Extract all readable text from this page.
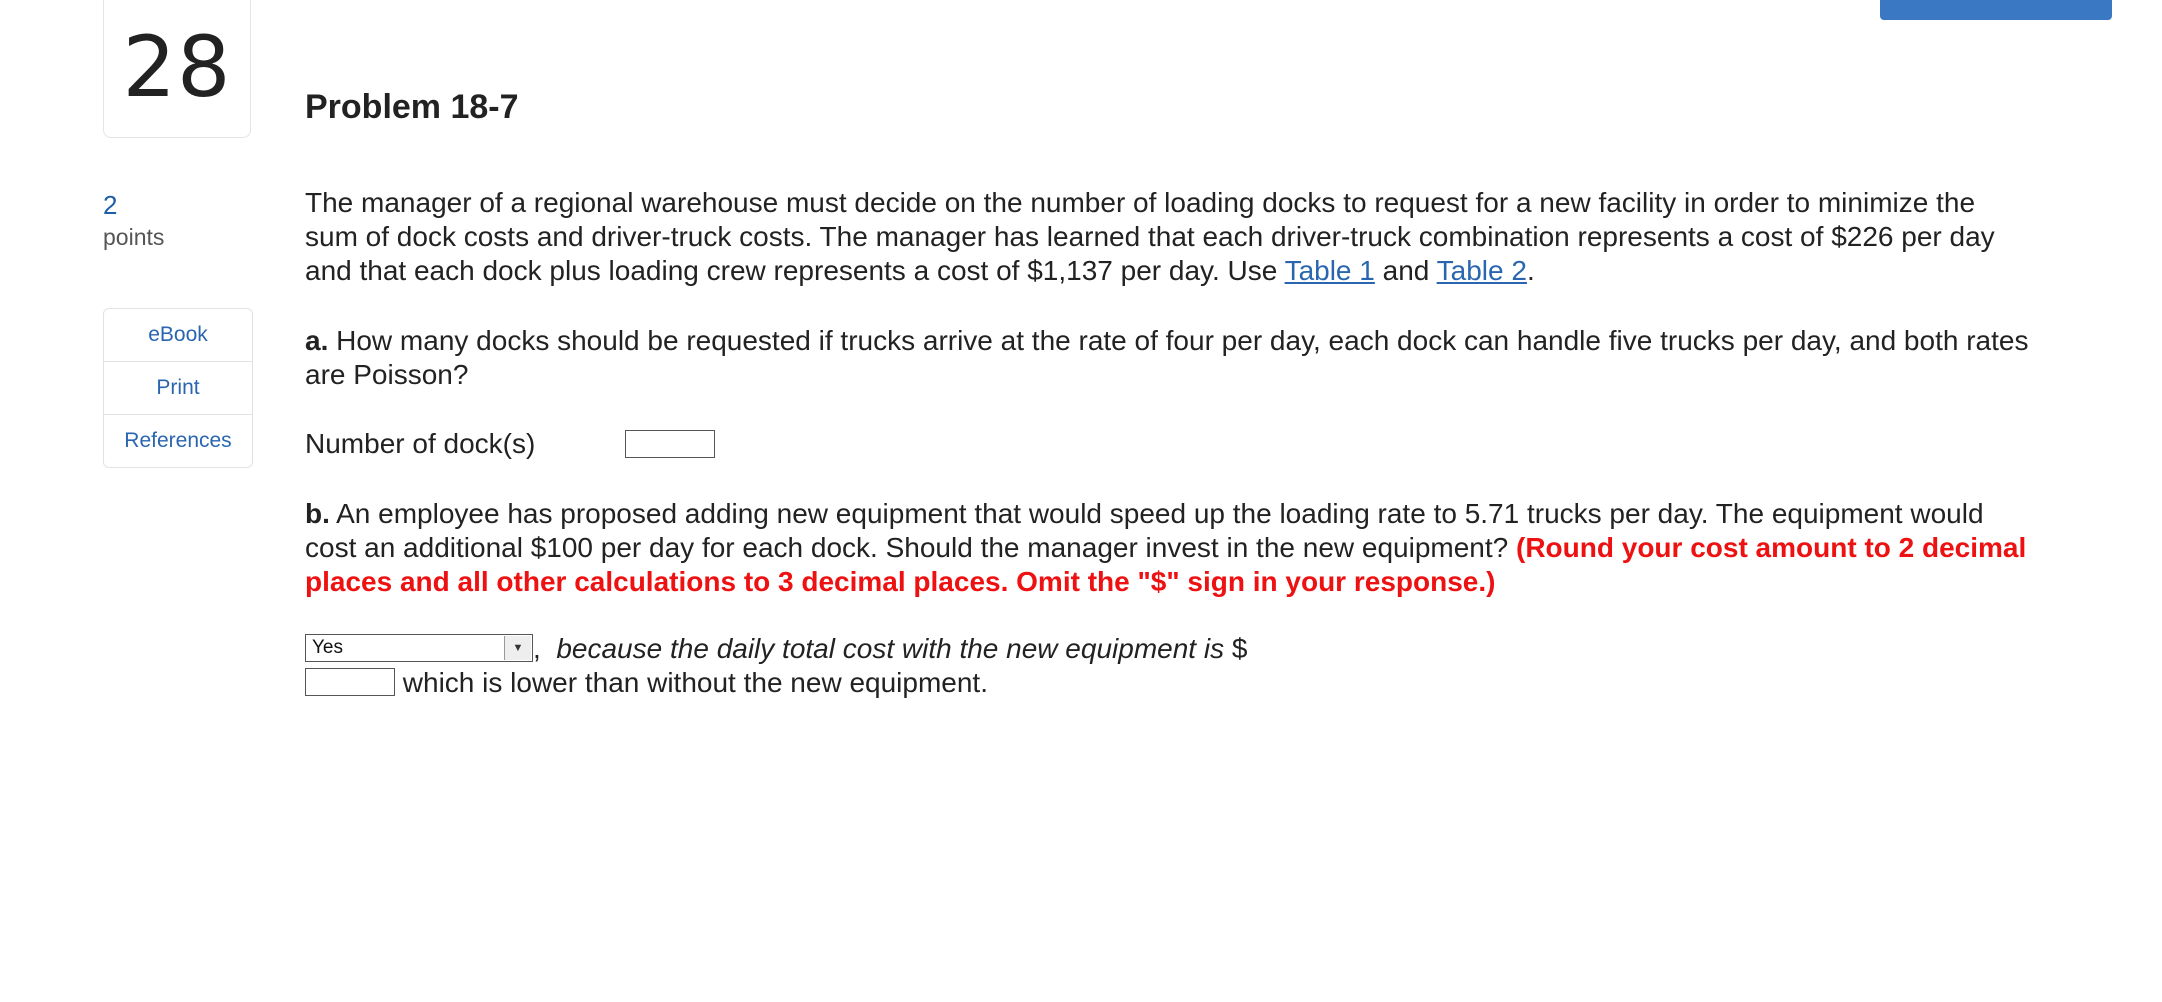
28 Problem 18-7
2
points
eBook
Print
References

The manager of a regional warehouse must decide on the number of loading docks to request for a new facility in order to minimize the sum of dock costs and driver-truck costs. The manager has learned that each driver-truck combination represents a cost of $226 per day and that each dock plus loading crew represents a cost of $1,137 per day. Use Table 1 and Table 2.

a. How many docks should be requested if trucks arrive at the rate of four per day, each dock can handle five trucks per day, and both rates are Poisson?

Number of dock(s)

b. An employee has proposed adding new equipment that would speed up the loading rate to 5.71 trucks per day. The equipment would cost an additional $100 per day for each dock. Should the manager invest in the new equipment? (Round your cost amount to 2 decimal places and all other calculations to 3 decimal places. Omit the "$" sign in your response.)

Yes	▼ , because the daily total cost with the new equipment is $
which is lower than without the new equipment.
